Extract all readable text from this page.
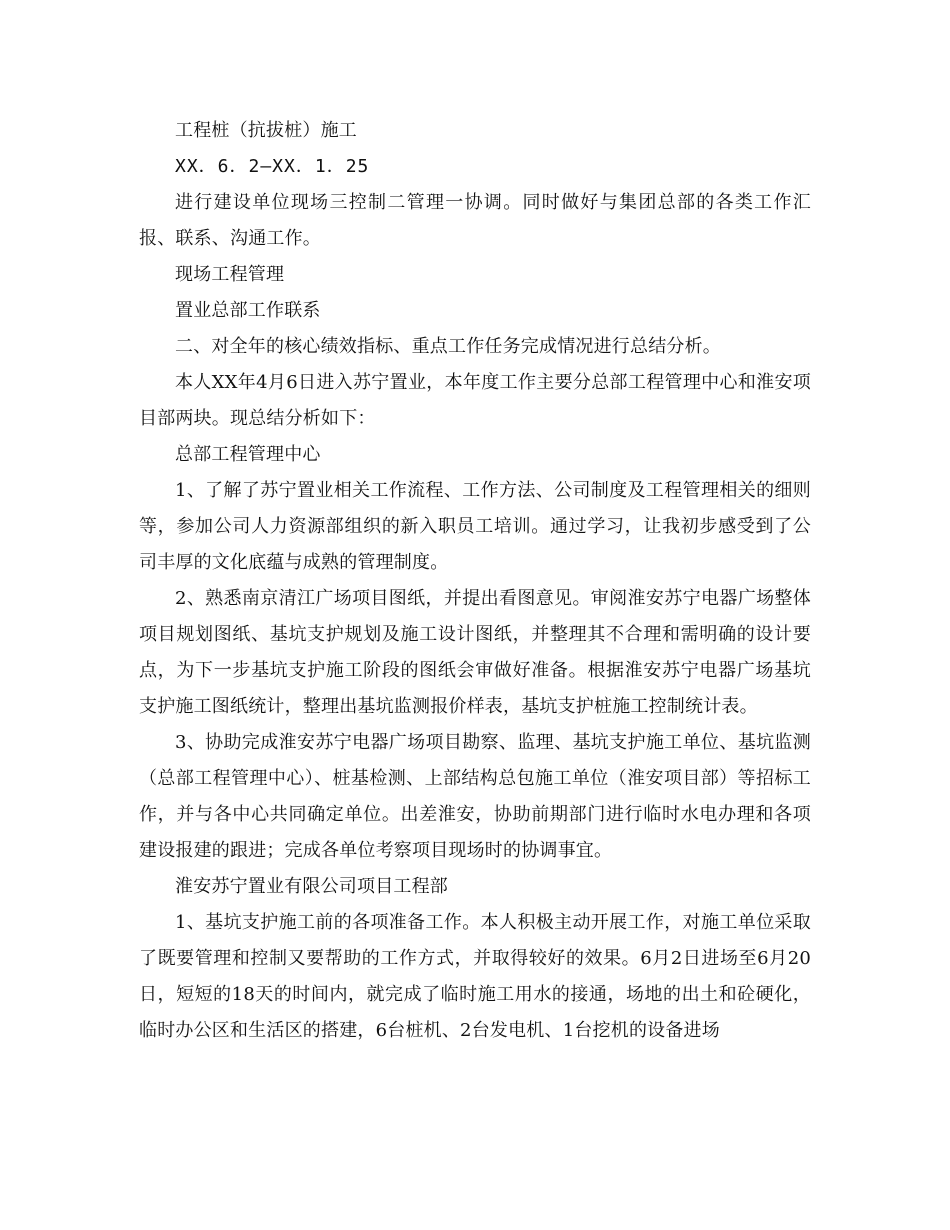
工程桩（抗拔桩）施工

XX．6．2—XX．1．25

进行建设单位现场三控制二管理一协调。同时做好与集团总部的各类工作汇报、联系、沟通工作。

现场工程管理

置业总部工作联系

二、对全年的核心绩效指标、重点工作任务完成情况进行总结分析。

本人XX年4月6日进入苏宁置业，本年度工作主要分总部工程管理中心和淮安项目部两块。现总结分析如下：

总部工程管理中心

1、了解了苏宁置业相关工作流程、工作方法、公司制度及工程管理相关的细则等，参加公司人力资源部组织的新入职员工培训。通过学习，让我初步感受到了公司丰厚的文化底蕴与成熟的管理制度。

2、熟悉南京清江广场项目图纸，并提出看图意见。审阅淮安苏宁电器广场整体项目规划图纸、基坑支护规划及施工设计图纸，并整理其不合理和需明确的设计要点，为下一步基坑支护施工阶段的图纸会审做好准备。根据淮安苏宁电器广场基坑支护施工图纸统计，整理出基坑监测报价样表，基坑支护桩施工控制统计表。

3、协助完成淮安苏宁电器广场项目勘察、监理、基坑支护施工单位、基坑监测（总部工程管理中心）、桩基检测、上部结构总包施工单位（淮安项目部）等招标工作，并与各中心共同确定单位。出差淮安，协助前期部门进行临时水电办理和各项建设报建的跟进；完成各单位考察项目现场时的协调事宜。

淮安苏宁置业有限公司项目工程部

1、基坑支护施工前的各项准备工作。本人积极主动开展工作，对施工单位采取了既要管理和控制又要帮助的工作方式，并取得较好的效果。6月2日进场至6月20日，短短的18天的时间内，就完成了临时施工用水的接通，场地的出土和砼硬化，临时办公区和生活区的搭建，6台桩机、2台发电机、1台挖机的设备进场
